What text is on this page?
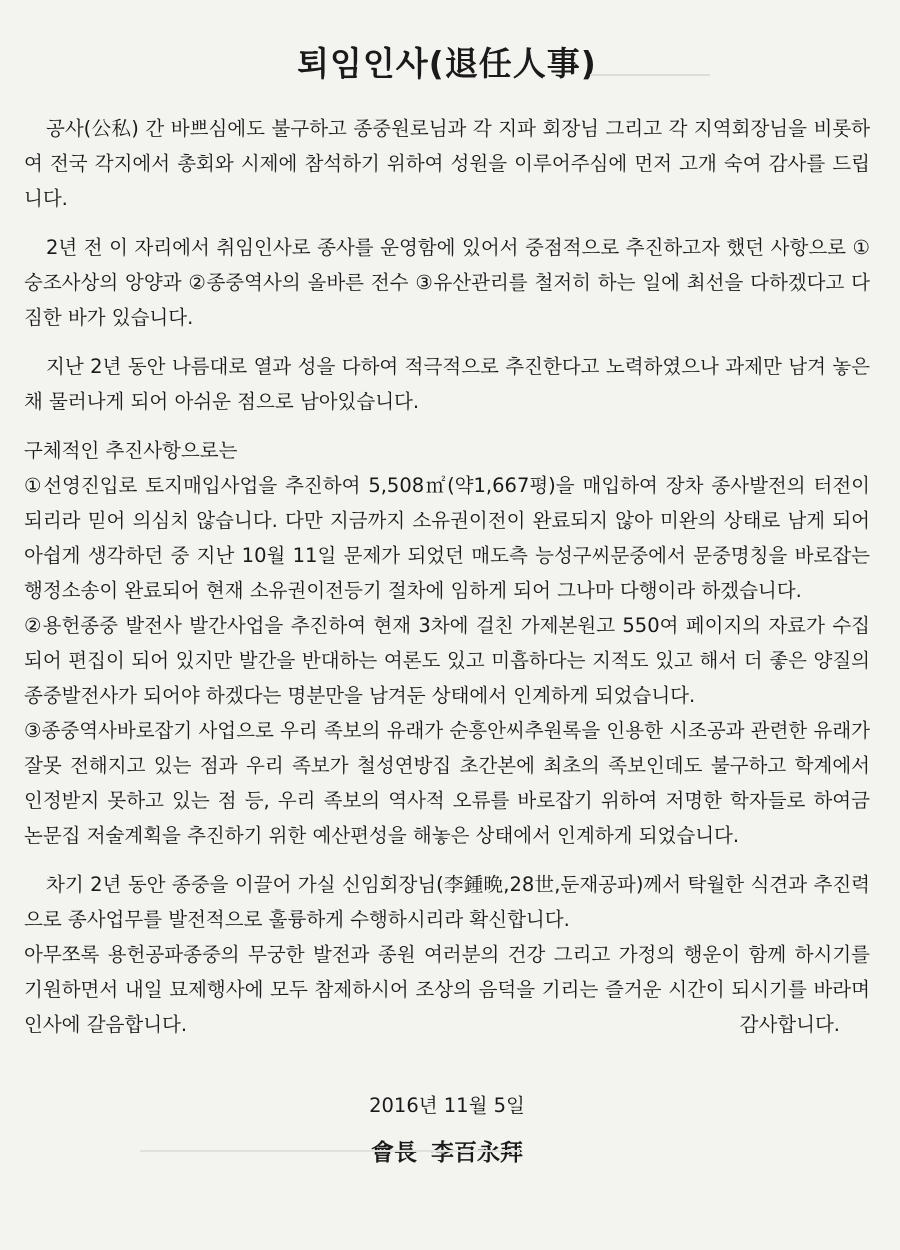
퇴임인사(退任人事)

공사(公私) 간 바쁘심에도 불구하고 종중원로님과 각 지파 회장님 그리고 각 지역회장님을 비롯하여 전국 각지에서 총회와 시제에 참석하기 위하여 성원을 이루어주심에 먼저 고개 숙여 감사를 드립니다.

2년 전 이 자리에서 취임인사로 종사를 운영함에 있어서 중점적으로 추진하고자 했던 사항으로 ①숭조사상의 앙양과 ②종중역사의 올바른 전수 ③유산관리를 철저히 하는 일에 최선을 다하겠다고 다짐한 바가 있습니다.

지난 2년 동안 나름대로 열과 성을 다하여 적극적으로 추진한다고 노력하였으나 과제만 남겨 놓은 채 물러나게 되어 아쉬운 점으로 남아있습니다.

구체적인 추진사항으로는

①선영진입로 토지매입사업을 추진하여 5,508㎡(약1,667평)을 매입하여 장차 종사발전의 터전이 되리라 믿어 의심치 않습니다. 다만 지금까지 소유권이전이 완료되지 않아 미완의 상태로 남게 되어 아쉽게 생각하던 중 지난 10월 11일 문제가 되었던 매도측 능성구씨문중에서 문중명칭을 바로잡는 행정소송이 완료되어 현재 소유권이전등기 절차에 임하게 되어 그나마 다행이라 하겠습니다.

②용헌종중 발전사 발간사업을 추진하여 현재 3차에 걸친 가제본원고 550여 페이지의 자료가 수집되어 편집이 되어 있지만 발간을 반대하는 여론도 있고 미흡하다는 지적도 있고 해서 더 좋은 양질의 종중발전사가 되어야 하겠다는 명분만을 남겨둔 상태에서 인계하게 되었습니다.

③종중역사바로잡기 사업으로 우리 족보의 유래가 순흥안씨추원록을 인용한 시조공과 관련한 유래가 잘못 전해지고 있는 점과 우리 족보가 철성연방집 초간본에 최초의 족보인데도 불구하고 학계에서 인정받지 못하고 있는 점 등, 우리 족보의 역사적 오류를 바로잡기 위하여 저명한 학자들로 하여금 논문집 저술계획을 추진하기 위한 예산편성을 해놓은 상태에서 인계하게 되었습니다.

차기 2년 동안 종중을 이끌어 가실 신임회장님(李鍾晩,28世,둔재공파)께서 탁월한 식견과 추진력으로 종사업무를 발전적으로 훌륭하게 수행하시리라 확신합니다.

아무쪼록 용헌공파종중의 무궁한 발전과 종원 여러분의 건강 그리고 가정의 행운이 함께 하시기를 기원하면서 내일 묘제행사에 모두 참제하시어 조상의 음덕을 기리는 즐거운 시간이 되시기를 바라며 인사에 갈음합니다.	감사합니다.

2016년 11월 5일
會長 李百永拜
